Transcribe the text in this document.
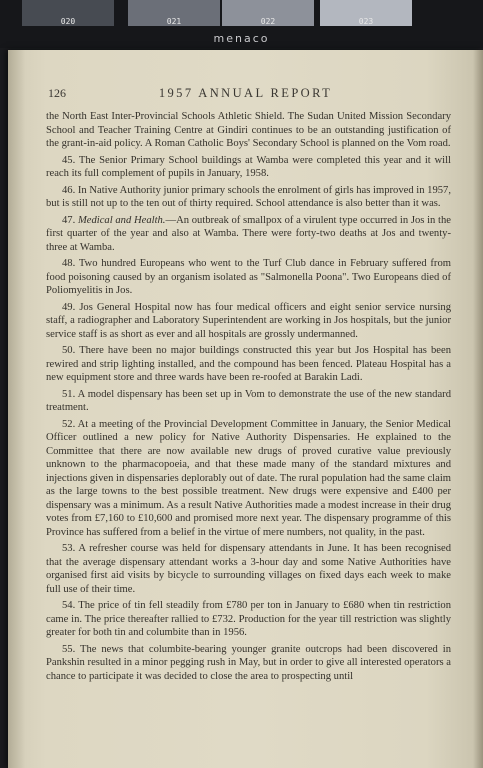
020	021	022	023
menaco
126	1957 ANNUAL REPORT

the North East Inter-Provincial Schools Athletic Shield. The Sudan United Mission Secondary School and Teacher Training Centre at Gindiri continues to be an outstanding justification of the grant-in-aid policy. A Roman Catholic Boys' Secondary School is planned on the Vom road.

45. The Senior Primary School buildings at Wamba were completed this year and it will reach its full complement of pupils in January, 1958.

46. In Native Authority junior primary schools the enrolment of girls has improved in 1957, but is still not up to the ten out of thirty required. School attendance is also better than it was.

47. Medical and Health.—An outbreak of smallpox of a virulent type occurred in Jos in the first quarter of the year and also at Wamba. There were forty-two deaths at Jos and twenty-three at Wamba.

48. Two hundred Europeans who went to the Turf Club dance in February suffered from food poisoning caused by an organism isolated as "Salmonella Poona". Two Europeans died of Poliomyelitis in Jos.

49. Jos General Hospital now has four medical officers and eight senior service nursing staff, a radiographer and Laboratory Superintendent are working in Jos hospitals, but the junior service staff is as short as ever and all hospitals are grossly undermanned.

50. There have been no major buildings constructed this year but Jos Hospital has been rewired and strip lighting installed, and the compound has been fenced. Plateau Hospital has a new equipment store and three wards have been re-roofed at Barakin Ladi.

51. A model dispensary has been set up in Vom to demonstrate the use of the new standard treatment.

52. At a meeting of the Provincial Development Committee in January, the Senior Medical Officer outlined a new policy for Native Authority Dispensaries. He explained to the Committee that there are now available new drugs of proved curative value previously unknown to the pharmacopoeia, and that these made many of the standard mixtures and injections given in dispensaries deplorably out of date. The rural population had the same claim as the large towns to the best possible treatment. New drugs were expensive and £400 per dispensary was a minimum. As a result Native Authorities made a modest increase in their drug votes from £7,160 to £10,600 and promised more next year. The dispensary programme of this Province has suffered from a belief in the virtue of mere numbers, not quality, in the past.

53. A refresher course was held for dispensary attendants in June. It has been recognised that the average dispensary attendant works a 3-hour day and some Native Authorities have organised first aid visits by bicycle to surrounding villages on fixed days each week to make full use of their time.

54. The price of tin fell steadily from £780 per ton in January to £680 when tin restriction came in. The price thereafter rallied to £732. Production for the year till restriction was slightly greater for both tin and columbite than in 1956.

55. The news that columbite-bearing younger granite outcrops had been discovered in Pankshin resulted in a minor pegging rush in May, but in order to give all interested operators a chance to participate it was decided to close the area to prospecting until
